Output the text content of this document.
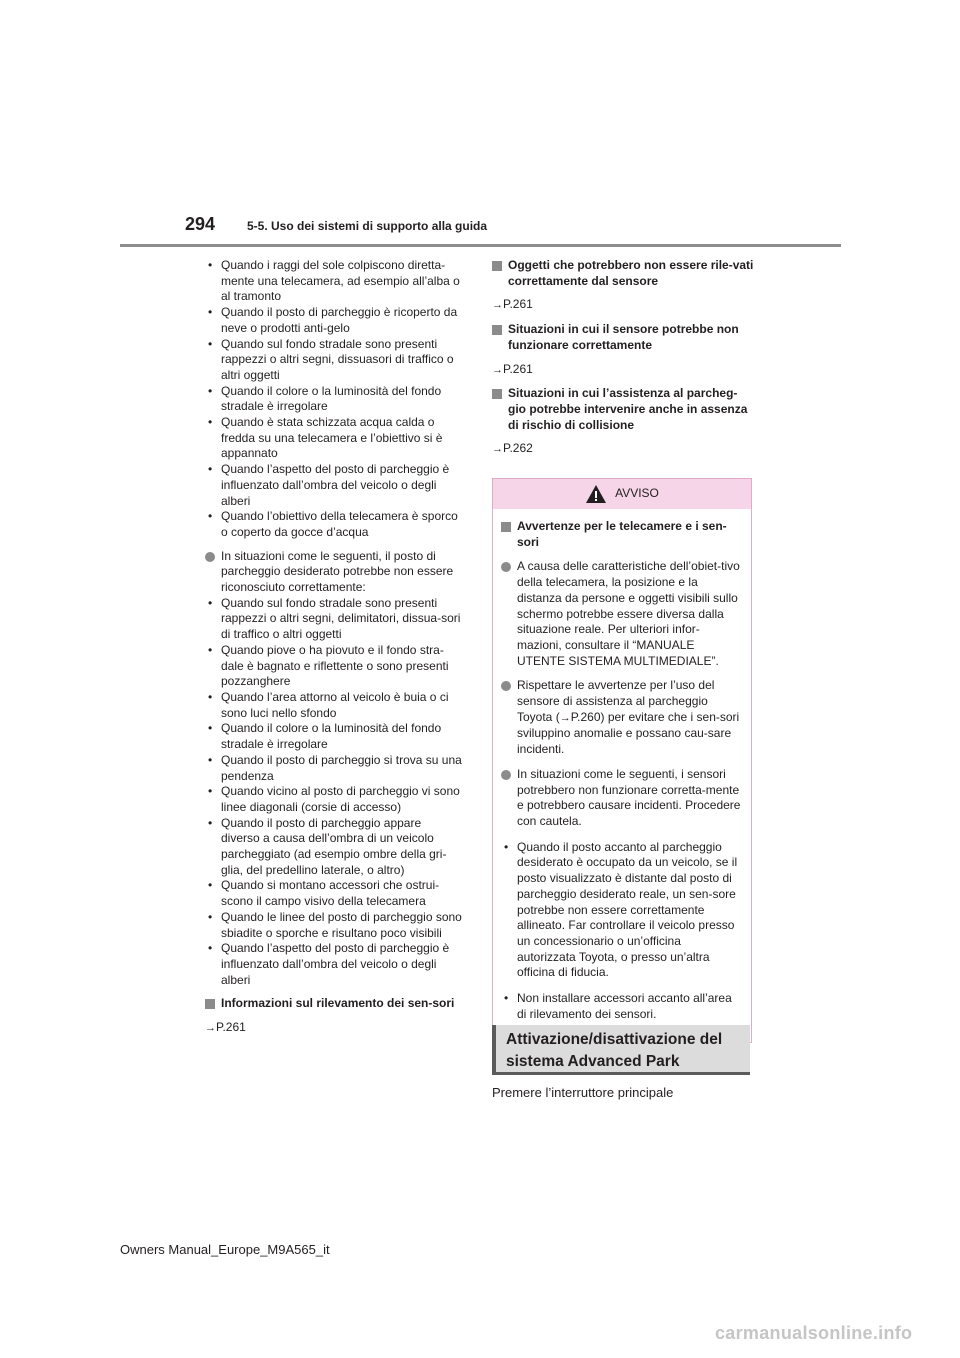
294	5-5. Uso dei sistemi di supporto alla guida
• Quando i raggi del sole colpiscono diretta-mente una telecamera, ad esempio all’alba o al tramonto
• Quando il posto di parcheggio è ricoperto da neve o prodotti anti-gelo
• Quando sul fondo stradale sono presenti rappezzi o altri segni, dissuasori di traffico o altri oggetti
• Quando il colore o la luminosità del fondo stradale è irregolare
• Quando è stata schizzata acqua calda o fredda su una telecamera e l’obiettivo si è appannato
• Quando l’aspetto del posto di parcheggio è influenzato dall’ombra del veicolo o degli alberi
• Quando l’obiettivo della telecamera è sporco o coperto da gocce d’acqua
In situazioni come le seguenti, il posto di parcheggio desiderato potrebbe non essere riconosciuto correttamente:
• Quando sul fondo stradale sono presenti rappezzi o altri segni, delimitatori, dissua-sori di traffico o altri oggetti
• Quando piove o ha piovuto e il fondo stra-dale è bagnato e riflettente o sono presenti pozzanghere
• Quando l’area attorno al veicolo è buia o ci sono luci nello sfondo
• Quando il colore o la luminosità del fondo stradale è irregolare
• Quando il posto di parcheggio si trova su una pendenza
• Quando vicino al posto di parcheggio vi sono linee diagonali (corsie di accesso)
• Quando il posto di parcheggio appare diverso a causa dell’ombra di un veicolo parcheggiato (ad esempio ombre della gri-glia, del predellino laterale, o altro)
• Quando si montano accessori che ostrui-scono il campo visivo della telecamera
• Quando le linee del posto di parcheggio sono sbiadite o sporche e risultano poco visibili
• Quando l’aspetto del posto di parcheggio è influenzato dall’ombra del veicolo o degli alberi
Informazioni sul rilevamento dei sen-sori
→P.261
Oggetti che potrebbero non essere rile-vati correttamente dal sensore
→P.261
Situazioni in cui il sensore potrebbe non funzionare correttamente
→P.261
Situazioni in cui l’assistenza al parcheg-gio potrebbe intervenire anche in assenza di rischio di collisione
→P.262
AVVISO
Avvertenze per le telecamere e i sen-sori
A causa delle caratteristiche dell’obiet-tivo della telecamera, la posizione e la distanza da persone e oggetti visibili sullo schermo potrebbe essere diversa dalla situazione reale. Per ulteriori infor-mazioni, consultare il “MANUALE UTENTE SISTEMA MULTIMEDIALE”.
Rispettare le avvertenze per l’uso del sensore di assistenza al parcheggio Toyota (→P.260) per evitare che i sen-sori sviluppino anomalie e possano cau-sare incidenti.
In situazioni come le seguenti, i sensori potrebbero non funzionare corretta-mente e potrebbero causare incidenti. Procedere con cautela.
• Quando il posto accanto al parcheggio desiderato è occupato da un veicolo, se il posto visualizzato è distante dal posto di parcheggio desiderato reale, un sen-sore potrebbe non essere correttamente allineato. Far controllare il veicolo presso un concessionario o un’officina autorizzata Toyota, o presso un’altra officina di fiducia.
• Non installare accessori accanto all’area di rilevamento dei sensori.
Attivazione/disattivazione del sistema Advanced Park
Premere l’interruttore principale
Owners Manual_Europe_M9A565_it
carmanualsonline.info
